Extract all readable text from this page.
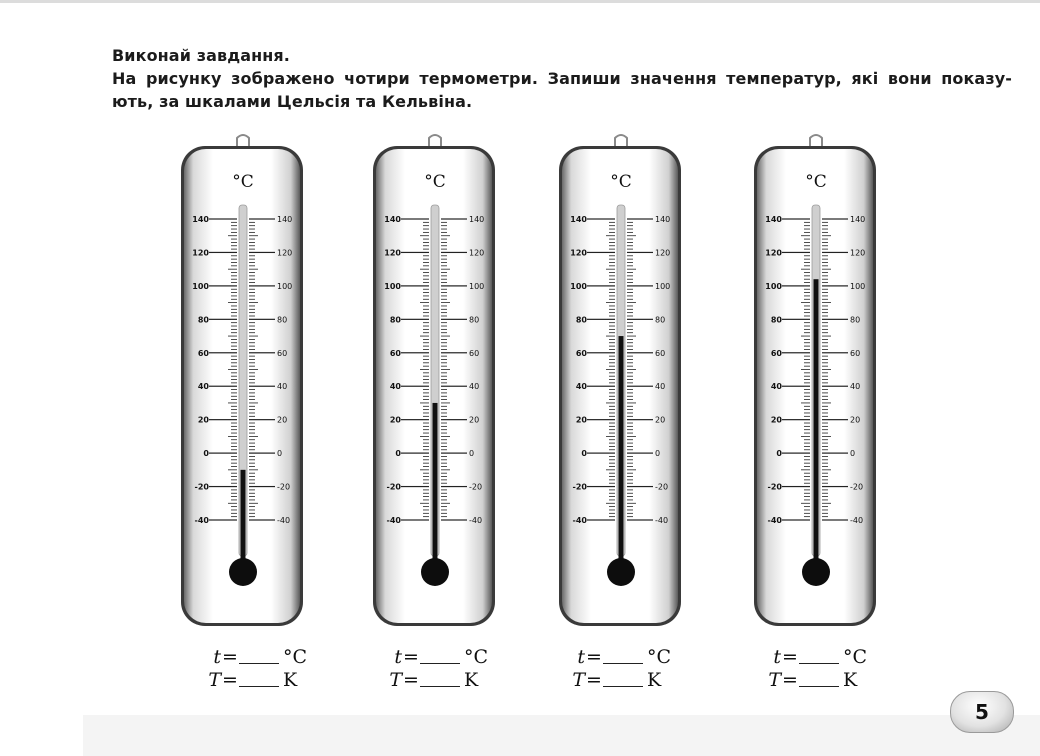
Виконай завдання.

На рисунку зображено чотири термометри. Запиши значення температур, які вони показу-

ють, за шкалами Цельсія та Кельвіна.

°C
140	140
120	120
100	100
80	80
60	60
40	40
20	20
0	0
-20	-20
-40	-40
°C
140	140
120	120
100	100
80	80
60	60
40	40
20	20
0	0
-20	-20
-40	-40
°C
140	140
120	120
100	100
80	80
60	60
40	40
20	20
0	0
-20	-20
-40	-40
°C
140	140
120	120
100	100
80	80
60	60
40	40
20	20
0	0
-20	-20
-40	-40
t= °C
T= K
t= °C
T= K
t= °C
T= K
t= °C
T= K
5
